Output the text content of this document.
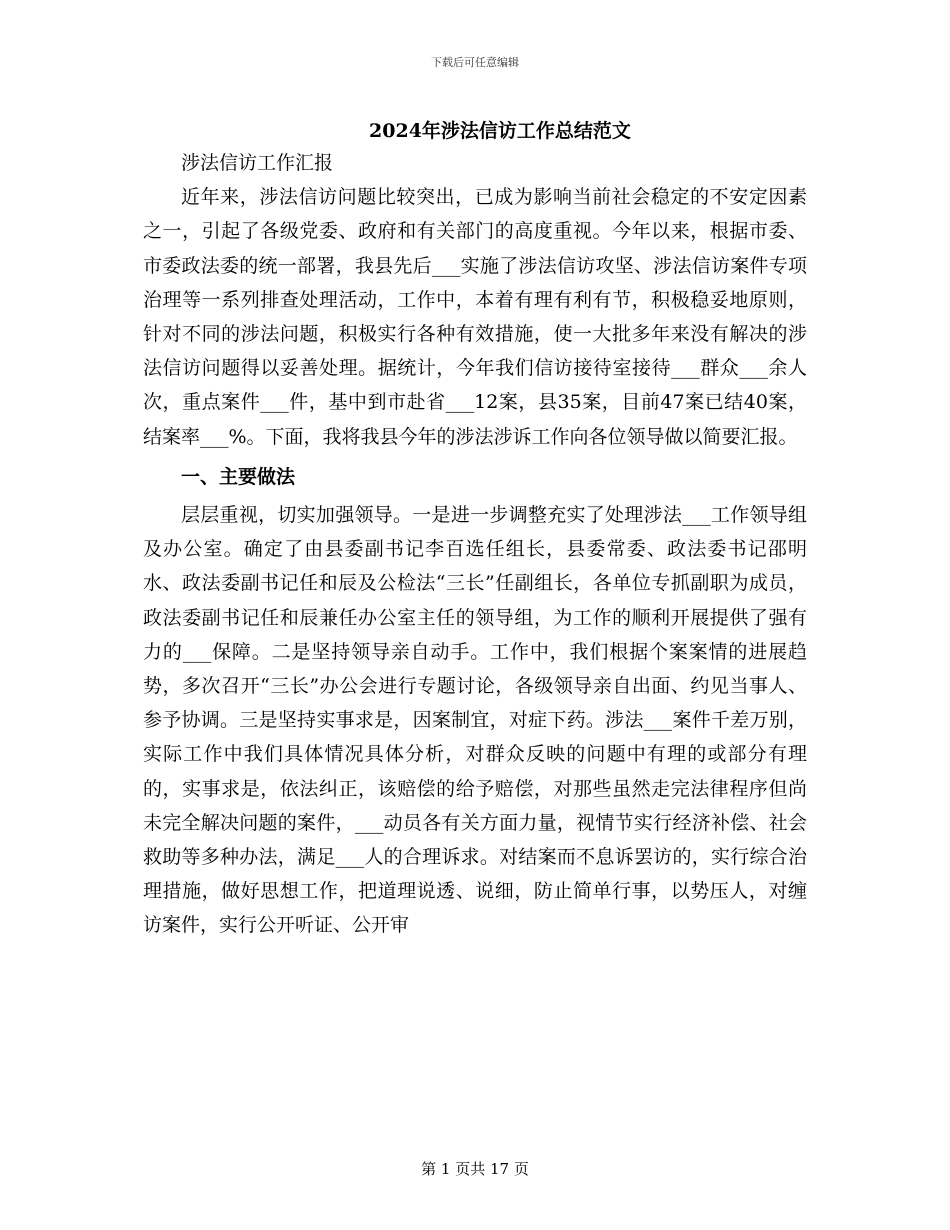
下载后可任意编辑
2024年涉法信访工作总结范文

涉法信访工作汇报

近年来，涉法信访问题比较突出，已成为影响当前社会稳定的不安定因素之一，引起了各级党委、政府和有关部门的高度重视。今年以来，根据市委、市委政法委的统一部署，我县先后___实施了涉法信访攻坚、涉法信访案件专项治理等一系列排查处理活动，工作中，本着有理有利有节，积极稳妥地原则，针对不同的涉法问题，积极实行各种有效措施，使一大批多年来没有解决的涉法信访问题得以妥善处理。据统计，今年我们信访接待室接待___群众___余人次，重点案件___件，基中到市赴省___12案，县35案，目前47案已结40案，结案率___%。下面，我将我县今年的涉法涉诉工作向各位领导做以简要汇报。

一、主要做法

层层重视，切实加强领导。一是进一步调整充实了处理涉法___工作领导组及办公室。确定了由县委副书记李百选任组长，县委常委、政法委书记邵明水、政法委副书记任和辰及公检法“三长”任副组长，各单位专抓副职为成员，政法委副书记任和辰兼任办公室主任的领导组，为工作的顺利开展提供了强有力的___保障。二是坚持领导亲自动手。工作中，我们根据个案案情的进展趋势，多次召开“三长”办公会进行专题讨论，各级领导亲自出面、约见当事人、参予协调。三是坚持实事求是，因案制宜，对症下药。涉法___案件千差万别，实际工作中我们具体情况具体分析，对群众反映的问题中有理的或部分有理的，实事求是，依法纠正，该赔偿的给予赔偿，对那些虽然走完法律程序但尚未完全解决问题的案件，___动员各有关方面力量，视情节实行经济补偿、社会救助等多种办法，满足___人的合理诉求。对结案而不息诉罢访的，实行综合治理措施，做好思想工作，把道理说透、说细，防止简单行事，以势压人，对缠访案件，实行公开听证、公开审

第 1 页共 17 页
